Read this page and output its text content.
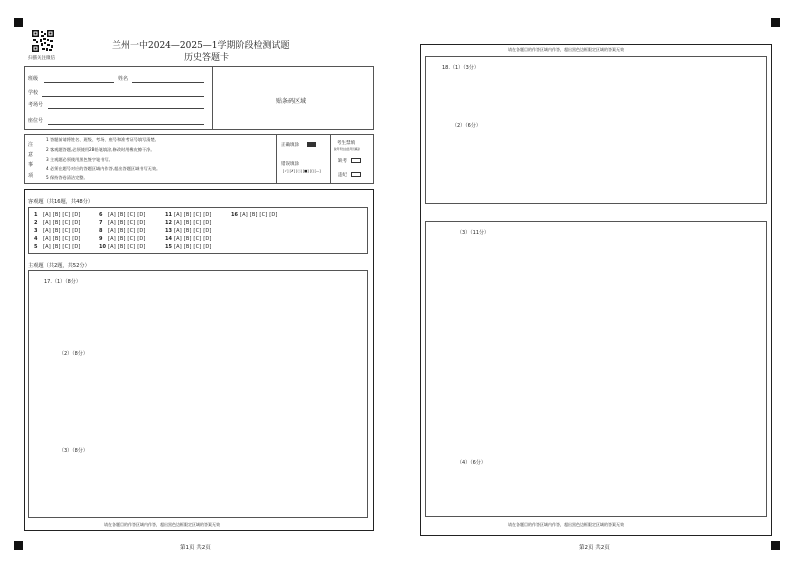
扫描关注微信
兰州一中2024—2025—1学期阶段检测试题
历史答题卡
班级	姓名
学校
考场号
座位号
贴条码区域
注
意
事
项
1 答题前请将姓名、班级、考场、座号和准考证号填写清楚。
2 客观题答题,必须使用2B铅笔填涂,修改时用橡皮擦干净。
3 主观题必须使用黑色签字笔书写。
4 必须在题号对应的答题区域内作答,超出答题区域书写无效。
5 保持答卷清洁完整。
正确填涂
错误填涂
[✓] [✗] [○] [■] [/] [—]
考生禁填
缺考考生由监考员填涂
缺考
违纪
客观题（共16题，共48分）
1 [A] [B] [C] [D]
2 [A] [B] [C] [D]
3 [A] [B] [C] [D]
4 [A] [B] [C] [D]
5 [A] [B] [C] [D]
6 [A] [B] [C] [D]
7 [A] [B] [C] [D]
8 [A] [B] [C] [D]
9 [A] [B] [C] [D]
10 [A] [B] [C] [D]
11 [A] [B] [C] [D]
12 [A] [B] [C] [D]
13 [A] [B] [C] [D]
14 [A] [B] [C] [D]
15 [A] [B] [C] [D]
16 [A] [B] [C] [D]
主观题（共2题，共52分）
17.（1）（8分）
（2）（8分）
（3）（8分）
请在各题目的作答区域内作答，超出黑色边框限定区域的答案无效
第1页 共2页
请在各题目的作答区域内作答，超出黑色边框限定区域的答案无效
18.（1）（3分）
（2）（6分）
（3）（11分）
（4）（6分）
请在各题目的作答区域内作答，超出黑色边框限定区域的答案无效
第2页 共2页
